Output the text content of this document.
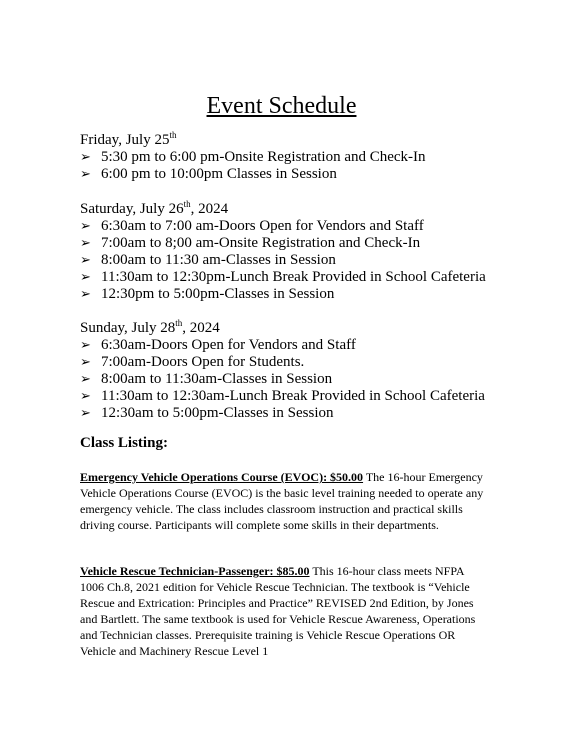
Event Schedule
Friday, July 25th
➢ 5:30 pm to 6:00 pm-Onsite Registration and Check-In
➢ 6:00 pm to 10:00pm Classes in Session
Saturday, July 26th, 2024
➢ 6:30am to 7:00 am-Doors Open for Vendors and Staff
➢ 7:00am to 8;00 am-Onsite Registration and Check-In
➢ 8:00am to 11:30 am-Classes in Session
➢ 11:30am to 12:30pm-Lunch Break Provided in School Cafeteria
➢ 12:30pm to 5:00pm-Classes in Session
Sunday, July 28th, 2024
➢ 6:30am-Doors Open for Vendors and Staff
➢ 7:00am-Doors Open for Students.
➢ 8:00am to 11:30am-Classes in Session
➢ 11:30am to 12:30am-Lunch Break Provided in School Cafeteria
➢ 12:30am to 5:00pm-Classes in Session
Class Listing:
Emergency Vehicle Operations Course (EVOC): $50.00 The 16-hour Emergency Vehicle Operations Course (EVOC) is the basic level training needed to operate any emergency vehicle. The class includes classroom instruction and practical skills driving course. Participants will complete some skills in their departments.
Vehicle Rescue Technician-Passenger: $85.00 This 16-hour class meets NFPA 1006 Ch.8, 2021 edition for Vehicle Rescue Technician. The textbook is “Vehicle Rescue and Extrication: Principles and Practice” REVISED 2nd Edition, by Jones and Bartlett. The same textbook is used for Vehicle Rescue Awareness, Operations and Technician classes. Prerequisite training is Vehicle Rescue Operations OR Vehicle and Machinery Rescue Level 1
